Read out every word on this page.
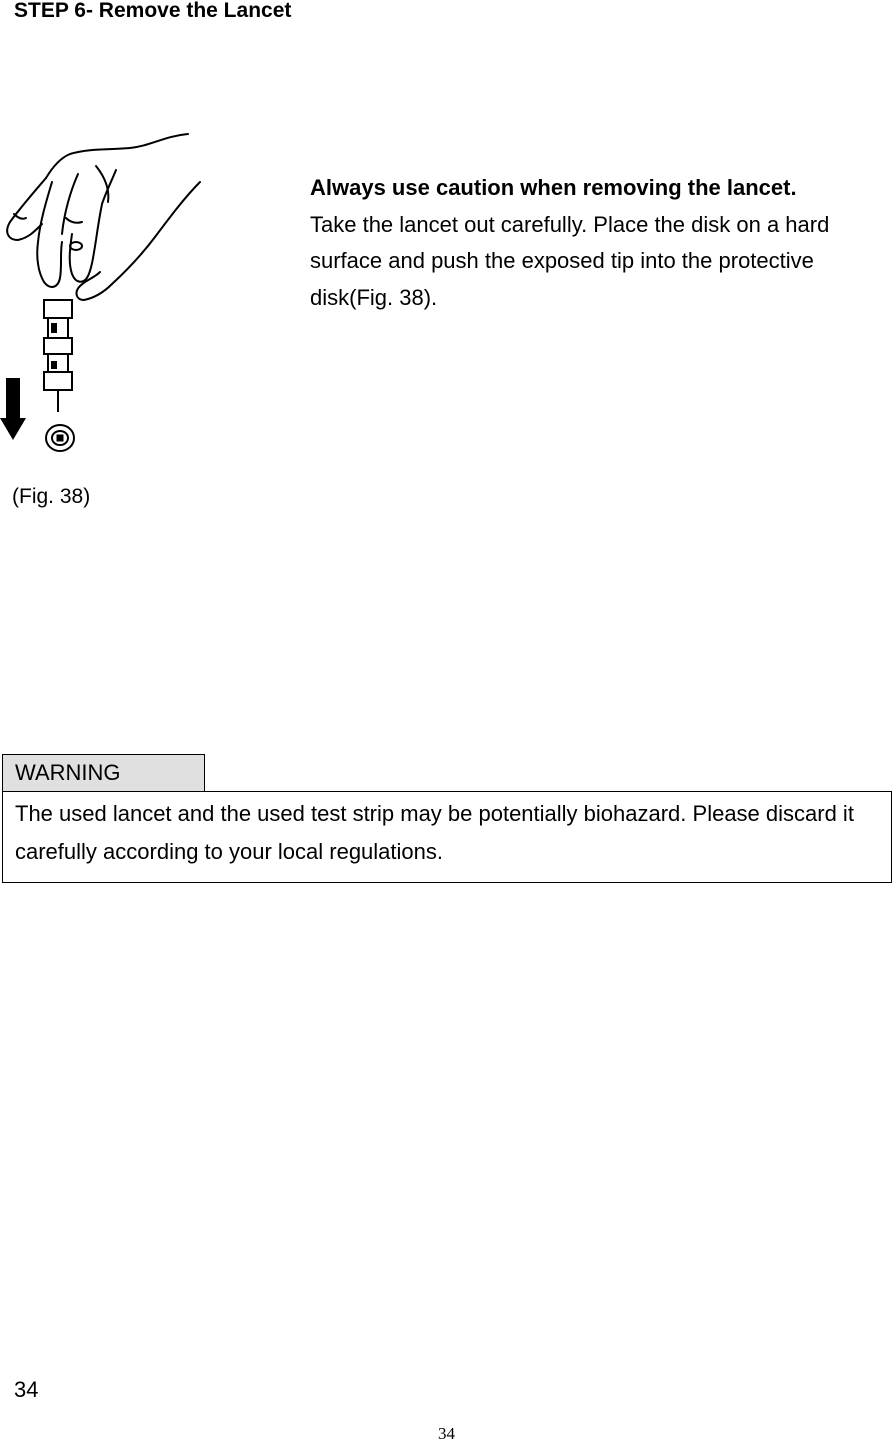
STEP 6- Remove the Lancet
Always use caution when removing the lancet.
Take the lancet out carefully. Place the disk on a hard surface and push the exposed tip into the protective disk(Fig. 38).
(Fig. 38)
WARNING
The used lancet and the used test strip may be potentially biohazard. Please discard it carefully according to your local regulations.
34
34
